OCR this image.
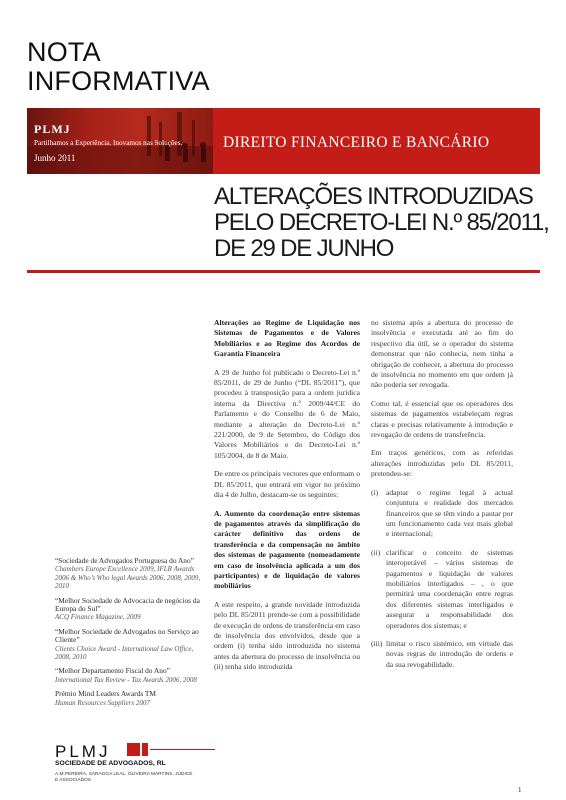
NOTA
INFORMATIVA
PLMJ
Partilhamos a Experiência. Inovamos nas Soluções.
Junho 2011
DIREITO FINANCEIRO E BANCÁRIO
ALTERAÇÕES INTRODUZIDAS
PELO DECRETO-LEI N.º 85/2011,
DE 29 DE JUNHO

Alterações ao Regime de Liquidação nos Sistemas de Pagamentos e de Valores Mobiliários e ao Regime dos Acordos de Garantia Financeira

A 29 de Junho foi publicado o Decreto-Lei n.º 85/2011, de 29 de Junho (“DL 85/2011”), que procedeu à transposição para a ordem jurídica interna da Directiva n.º 2009/44/CE do Parlamento e do Conselho de 6 de Maio, mediante a alteração do Decreto-Lei n.º 221/2000, de 9 de Setembro, do Código dos Valores Mobiliários e do Decreto-Lei n.º 105/2004, de 8 de Maio.

De entre os principais vectores que enformam o DL 85/2011, que entrará em vigor no próximo dia 4 de Julho, destacam-se os seguintes:

A. Aumento da coordenação entre sistemas de pagamentos através da simplificação do carácter definitivo das ordens de transferência e da compensação no âmbito dos sistemas de pagamento (nomeadamente em caso de insolvência aplicada a um dos participantes) e de liquidação de valores mobiliários

A este respeito, a grande novidade introduzida pelo DL 85/2011 prende-se com a possibilidade de execução de ordens de transferência em caso de insolvência dos envolvidos, desde que a ordem (i) tenha sido introduzida no sistema antes da abertura do processo de insolvência ou (ii) tenha sido introduzida

no sistema após a abertura do processo de insolvência e executada até ao fim do respectivo dia útil, se o operador do sistema demonstrar que não conhecia, nem tinha a obrigação de conhecer, a abertura do processo de insolvência no momento em que ordem já não poderia ser revogada.

Como tal, é essencial que os operadores dos sistemas de pagamentos estabeleçam regras claras e precisas relativamente à introdução e revogação de ordens de transferência.

Em traços genéricos, com as referidas alterações introduzidas pelo DL 85/2011, pretendeu-se:

(i)	adaptar o regime legal à actual conjuntura e realidade dos mercados financeiros que se têm vindo a pautar por um funcionamento cada vez mais global e internacional;
(ii) clarificar o conceito de sistemas interoperável – vários sistemas de pagamentos e liquidação de valores mobiliários interligados – , o que permitirá uma coordenação entre regras dos diferentes sistemas interligados e assegurar a responsabilidade dos operadores dos sistemas; e
(iii) limitar o risco sistémico, em virtude das novas regras de introdução de ordens e da sua revogabilidade.
“Sociedade de Advogados Portuguesa do Ano”
Chambers Europe Excellence 2009, IFLR Awards 2006 & Who’s Who legal Awards 2006, 2008, 2009, 2010
“Melhor Sociedade de Advocacia de negócios da Europa do Sul”
ACQ Finance Magazine, 2009
“Melhor Sociedade de Advogados no Serviço ao Cliente”
Clients Choice Award - International Law Office, 2008, 2010
“Melhor Departamento Fiscal do Ano”
International Tax Review - Tax Awards 2006, 2008
Prémio Mind Leaders Awards TM
Human Resources Suppliers 2007
PLMJ
SOCIEDADE DE ADVOGADOS, RL
A.M.PEREIRA, SÁRAGGA LEAL, OLIVEIRA MARTINS, JÚDICE E ASSOCIADOS
1
